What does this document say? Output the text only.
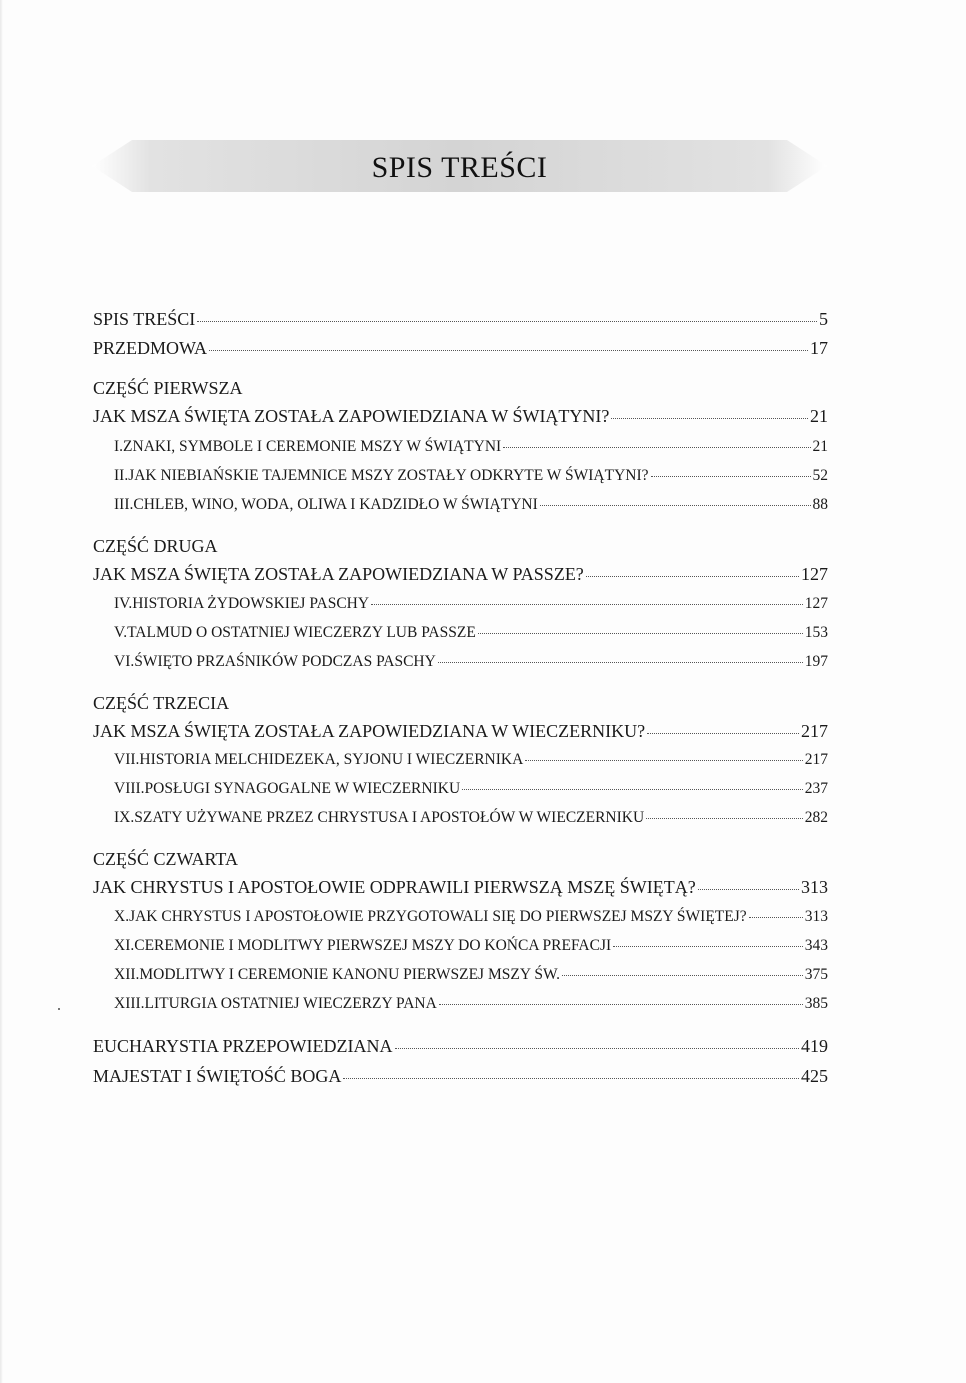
SPIS TREŚCI
SPIS TREŚCI	5
PRZEDMOWA	17
CZĘŚĆ PIERWSZA
JAK MSZA ŚWIĘTA ZOSTAŁA ZAPOWIEDZIANA W ŚWIĄTYNI?	21
I.ZNAKI, SYMBOLE I CEREMONIE MSZY W ŚWIĄTYNI	21
II.JAK NIEBIAŃSKIE TAJEMNICE MSZY ZOSTAŁY ODKRYTE W ŚWIĄTYNI?	52
III.CHLEB, WINO, WODA, OLIWA I KADZIDŁO W ŚWIĄTYNI	88
CZĘŚĆ DRUGA
JAK MSZA ŚWIĘTA ZOSTAŁA ZAPOWIEDZIANA W PASSZE?	127
IV.HISTORIA ŻYDOWSKIEJ PASCHY	127
V.TALMUD O OSTATNIEJ WIECZERZY LUB PASSZE	153
VI.ŚWIĘTO PRZAŚNIKÓW PODCZAS PASCHY	197
CZĘŚĆ TRZECIA
JAK MSZA ŚWIĘTA ZOSTAŁA ZAPOWIEDZIANA W WIECZERNIKU?	217
VII.HISTORIA MELCHIDEZEKA, SYJONU I WIECZERNIKA	217
VIII.POSŁUGI SYNAGOGALNE W WIECZERNIKU	237
IX.SZATY UŻYWANE PRZEZ CHRYSTUSA I APOSTOŁÓW W WIECZERNIKU	282
CZĘŚĆ CZWARTA
JAK CHRYSTUS I APOSTOŁOWIE ODPRAWILI PIERWSZĄ MSZĘ ŚWIĘTĄ?	313
X.JAK CHRYSTUS I APOSTOŁOWIE PRZYGOTOWALI SIĘ DO PIERWSZEJ MSZY ŚWIĘTEJ?	313
XI.CEREMONIE I MODLITWY PIERWSZEJ MSZY DO KOŃCA PREFACJI	343
XII.MODLITWY I CEREMONIE KANONU PIERWSZEJ MSZY ŚW.	375
XIII.LITURGIA OSTATNIEJ WIECZERZY PANA	385
EUCHARYSTIA PRZEPOWIEDZIANA	419
MAJESTAT I ŚWIĘTOŚĆ BOGA	425
